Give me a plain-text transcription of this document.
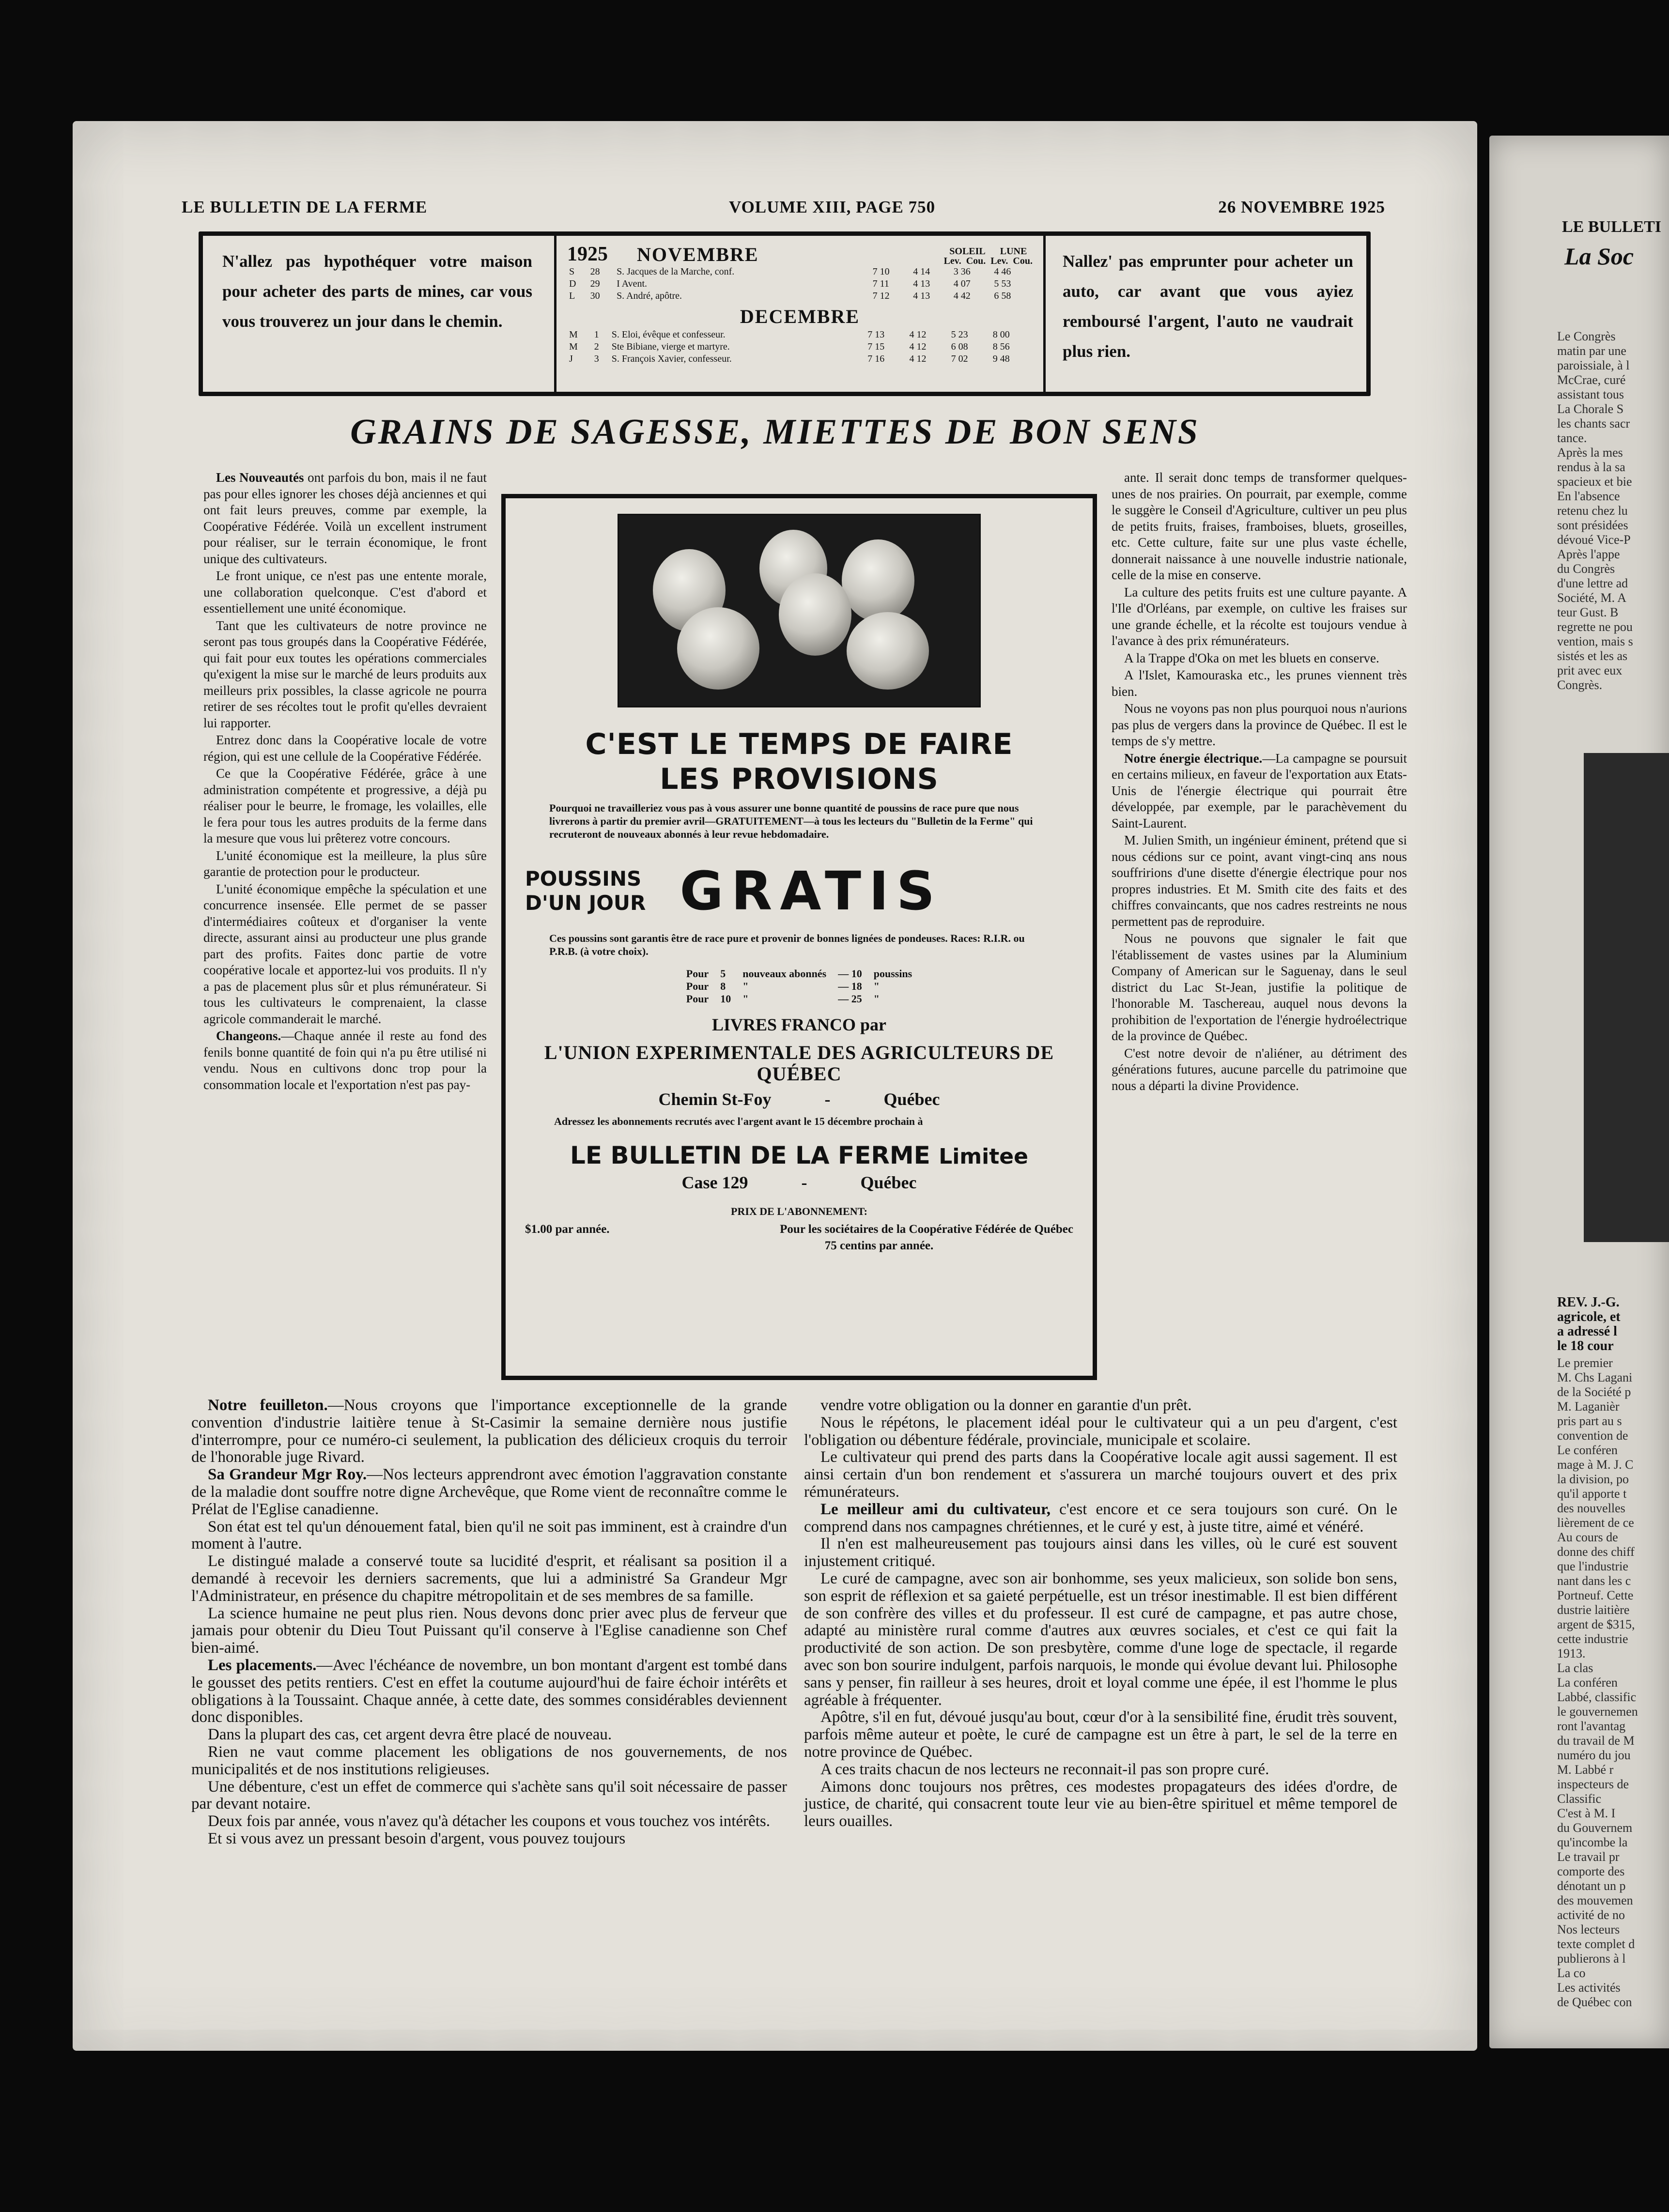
LE BULLETIN DE LA FERME	VOLUME XIII, PAGE 750	26 NOVEMBRE 1925
N'allez pas hypothéquer votre maison pour acheter des parts de mines, car vous vous trouverez un jour dans le chemin.
1925 NOVEMBRE	SOLEIL LUNE
Lev. Cou. Lev. Cou.
S	28	S. Jacques de la Marche, conf.	7 10	4 14	3 36	4 46
D	29	I Avent.	7 11	4 13	4 07	5 53
L	30	S. André, apôtre.	7 12	4 13	4 42	6 58
DECEMBRE
M	1	S. Eloi, évêque et confesseur.	7 13	4 12	5 23	8 00
M	2	Ste Bibiane, vierge et martyre.	7 15	4 12	6 08	8 56
J	3	S. François Xavier, confesseur.	7 16	4 12	7 02	9 48
Nallez' pas emprunter pour acheter un auto, car avant que vous ayiez remboursé l'argent, l'auto ne vaudrait plus rien.
GRAINS DE SAGESSE, MIETTES DE BON SENS

Les Nouveautés ont parfois du bon, mais il ne faut pas pour elles ignorer les choses déjà anciennes et qui ont fait leurs preuves, comme par exemple, la Coopérative Fédérée. Voilà un excellent instrument pour réaliser, sur le terrain économique, le front unique des cultivateurs.

Le front unique, ce n'est pas une entente morale, une collaboration quelconque. C'est d'abord et essentiellement une unité économique.

Tant que les cultivateurs de notre province ne seront pas tous groupés dans la Coopérative Fédérée, qui fait pour eux toutes les opérations commerciales qu'exigent la mise sur le marché de leurs produits aux meilleurs prix possibles, la classe agricole ne pourra retirer de ses récoltes tout le profit qu'elles devraient lui rapporter.

Entrez donc dans la Coopérative locale de votre région, qui est une cellule de la Coopérative Fédérée.

Ce que la Coopérative Fédérée, grâce à une administration compétente et progressive, a déjà pu réaliser pour le beurre, le fromage, les volailles, elle le fera pour tous les autres produits de la ferme dans la mesure que vous lui prêterez votre concours.

L'unité économique est la meilleure, la plus sûre garantie de protection pour le producteur.

L'unité économique empêche la spéculation et une concurrence insensée. Elle permet de se passer d'intermédiaires coûteux et d'organiser la vente directe, assurant ainsi au producteur une plus grande part des profits. Faites donc partie de votre coopérative locale et apportez-lui vos produits. Il n'y a pas de placement plus sûr et plus rémunérateur. Si tous les cultivateurs le comprenaient, la classe agricole commanderait le marché.

Changeons.—Chaque année il reste au fond des fenils bonne quantité de foin qui n'a pu être utilisé ni vendu. Nous en cultivons donc trop pour la consommation locale et l'exportation n'est pas pay-

C'EST LE TEMPS DE FAIRE
LES PROVISIONS

Pourquoi ne travailleriez vous pas à vous assurer une bonne quantité de poussins de race pure que nous livrerons à partir du premier avril—GRATUITEMENT—à tous les lecteurs du "Bulletin de la Ferme" qui recruteront de nouveaux abonnés à leur revue hebdomadaire.

POUSSINS
D'UN JOUR GRATIS

Ces poussins sont garantis être de race pure et provenir de bonnes lignées de pondeuses. Races: R.I.R. ou P.R.B. (à votre choix).

Pour	5	nouveaux abonnés	— 10	poussins
Pour	8	"	— 18	"
Pour	10	"	— 25	"
LIVRES FRANCO par
L'UNION EXPERIMENTALE DES AGRICULTEURS DE QUÉBEC
Chemin St-Foy	-	Québec

Adressez les abonnements recrutés avec l'argent avant le 15 décembre prochain à

LE BULLETIN DE LA FERME Limitee
Case 129	-	Québec
PRIX DE L'ABONNEMENT:
$1.00 par année.	Pour les sociétaires de la Coopérative Fédérée de Québec
75 centins par année.

ante. Il serait donc temps de transformer quelques-unes de nos prairies. On pourrait, par exemple, comme le suggère le Conseil d'Agriculture, cultiver un peu plus de petits fruits, fraises, framboises, bluets, groseilles, etc. Cette culture, faite sur une plus vaste échelle, donnerait naissance à une nouvelle industrie nationale, celle de la mise en conserve.

La culture des petits fruits est une culture payante. A l'Ile d'Orléans, par exemple, on cultive les fraises sur une grande échelle, et la récolte est toujours vendue à l'avance à des prix rémunérateurs.

A la Trappe d'Oka on met les bluets en conserve.

A l'Islet, Kamouraska etc., les prunes viennent très bien.

Nous ne voyons pas non plus pourquoi nous n'aurions pas plus de vergers dans la province de Québec. Il est le temps de s'y mettre.

Notre énergie électrique.—La campagne se poursuit en certains milieux, en faveur de l'exportation aux Etats-Unis de l'énergie électrique qui pourrait être développée, par exemple, par le parachèvement du Saint-Laurent.

M. Julien Smith, un ingénieur éminent, prétend que si nous cédions sur ce point, avant vingt-cinq ans nous souffririons d'une disette d'énergie électrique pour nos propres industries. Et M. Smith cite des faits et des chiffres convaincants, que nos cadres restreints ne nous permettent pas de reproduire.

Nous ne pouvons que signaler le fait que l'établissement de vastes usines par la Aluminium Company of American sur le Saguenay, dans le seul district du Lac St-Jean, justifie la politique de l'honorable M. Taschereau, auquel nous devons la prohibition de l'exportation de l'énergie hydroélectrique de la province de Québec.

C'est notre devoir de n'aliéner, au détriment des générations futures, aucune parcelle du patrimoine que nous a départi la divine Providence.

Notre feuilleton.—Nous croyons que l'importance exceptionnelle de la grande convention d'industrie laitière tenue à St-Casimir la semaine dernière nous justifie d'interrompre, pour ce numéro-ci seulement, la publication des délicieux croquis du terroir de l'honorable juge Rivard.

Sa Grandeur Mgr Roy.—Nos lecteurs apprendront avec émotion l'aggravation constante de la maladie dont souffre notre digne Archevêque, que Rome vient de reconnaître comme le Prélat de l'Eglise canadienne.

Son état est tel qu'un dénouement fatal, bien qu'il ne soit pas imminent, est à craindre d'un moment à l'autre.

Le distingué malade a conservé toute sa lucidité d'esprit, et réalisant sa position il a demandé à recevoir les derniers sacrements, que lui a administré Sa Grandeur Mgr l'Administrateur, en présence du chapitre métropolitain et de ses membres de sa famille.

La science humaine ne peut plus rien. Nous devons donc prier avec plus de ferveur que jamais pour obtenir du Dieu Tout Puissant qu'il conserve à l'Eglise canadienne son Chef bien-aimé.

Les placements.—Avec l'échéance de novembre, un bon montant d'argent est tombé dans le gousset des petits rentiers. C'est en effet la coutume aujourd'hui de faire échoir intérêts et obligations à la Toussaint. Chaque année, à cette date, des sommes considérables deviennent donc disponibles.

Dans la plupart des cas, cet argent devra être placé de nouveau.

Rien ne vaut comme placement les obligations de nos gouvernements, de nos municipalités et de nos institutions religieuses.

Une débenture, c'est un effet de commerce qui s'achète sans qu'il soit nécessaire de passer par devant notaire.

Deux fois par année, vous n'avez qu'à détacher les coupons et vous touchez vos intérêts.

Et si vous avez un pressant besoin d'argent, vous pouvez toujours

vendre votre obligation ou la donner en garantie d'un prêt.

Nous le répétons, le placement idéal pour le cultivateur qui a un peu d'argent, c'est l'obligation ou débenture fédérale, provinciale, municipale et scolaire.

Le cultivateur qui prend des parts dans la Coopérative locale agit aussi sagement. Il est ainsi certain d'un bon rendement et s'assurera un marché toujours ouvert et des prix rémunérateurs.

Le meilleur ami du cultivateur, c'est encore et ce sera toujours son curé. On le comprend dans nos campagnes chrétiennes, et le curé y est, à juste titre, aimé et vénéré.

Il n'en est malheureusement pas toujours ainsi dans les villes, où le curé est souvent injustement critiqué.

Le curé de campagne, avec son air bonhomme, ses yeux malicieux, son solide bon sens, son esprit de réflexion et sa gaieté perpétuelle, est un trésor inestimable. Il est bien différent de son confrère des villes et du professeur. Il est curé de campagne, et pas autre chose, adapté au ministère rural comme d'autres aux œuvres sociales, et c'est ce qui fait la productivité de son action. De son presbytère, comme d'une loge de spectacle, il regarde avec son bon sourire indulgent, parfois narquois, le monde qui évolue devant lui. Philosophe sans y penser, fin railleur à ses heures, droit et loyal comme une épée, il est l'homme le plus agréable à fréquenter.

Apôtre, s'il en fut, dévoué jusqu'au bout, cœur d'or à la sensibilité fine, érudit très souvent, parfois même auteur et poète, le curé de campagne est un être à part, le sel de la terre en notre province de Québec.

A ces traits chacun de nos lecteurs ne reconnait-il pas son propre curé.

Aimons donc toujours nos prêtres, ces modestes propagateurs des idées d'ordre, de justice, de charité, qui consacrent toute leur vie au bien-être spirituel et même temporel de leurs ouailles.

LE BULLETI
La Soc
Le Congrès
matin par une
paroissiale, à l
McCrae, curé
assistant tous
La Chorale S
les chants sacr
tance.
Après la mes
rendus à la sa
spacieux et bie
En l'absence
retenu chez lu
sont présidées
dévoué Vice-P
Après l'appe
du Congrès
d'une lettre ad
Société, M. A
teur Gust. B
regrette ne pou
vention, mais s
sistés et les as
prit avec eux
Congrès.
REV. J.-G.
agricole, et
a adressé l
le 18 cour
Le premier
M. Chs Lagani
de la Société p
M. Laganièr
pris part au s
convention de
Le conféren
mage à M. J. C
la division, po
qu'il apporte t
des nouvelles
lièrement de ce
Au cours de
donne des chiff
que l'industrie
nant dans les c
Portneuf. Cette
dustrie laitière
argent de $315,
cette industrie
1913.
La clas
La conféren
Labbé, classific
le gouvernemen
ront l'avantag
du travail de M
numéro du jou
M. Labbé r
inspecteurs de
Classific
C'est à M. I
du Gouvernem
qu'incombe la
Le travail pr
comporte des
dénotant un p
des mouvemen
activité de no
Nos lecteurs
texte complet d
publierons à l
La co
Les activités
de Québec con
